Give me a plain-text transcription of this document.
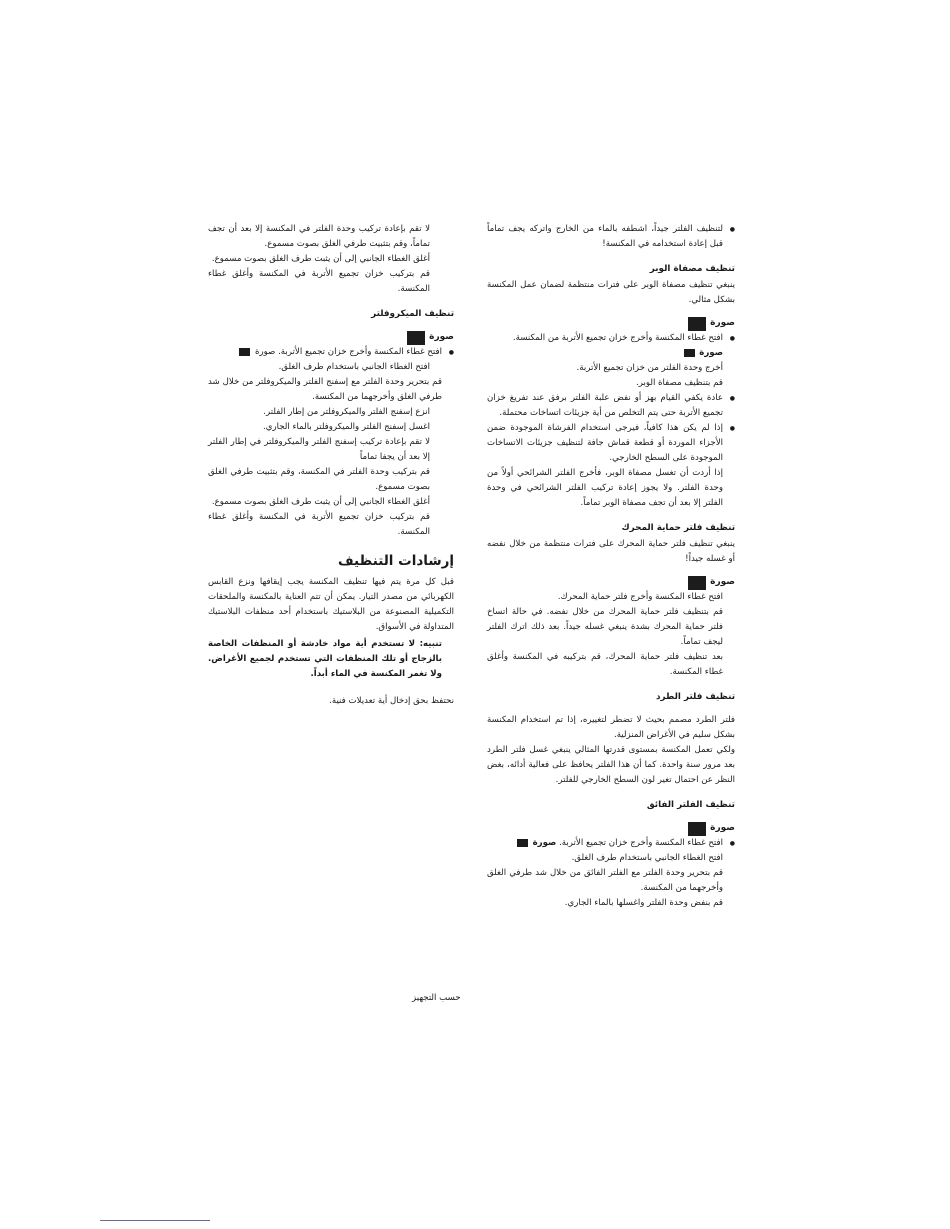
● لتنظيف الفلتر جيداً، اشطفه بالماء من الخارج واتركه يجف تماماً قبل إعادة استخدامه في المكنسة!

تنظيف مصفاة الوبر

ينبغي تنظيف مصفاة الوبر على فترات منتظمة لضمان عمل المكنسة بشكل مثالي.

صورة

● افتح غطاء المكنسة وأخرج خزان تجميع الأتربة من المكنسة.
صورة

أخرج وحدة الفلتر من خزان تجميع الأتربة.

قم بتنظيف مصفاة الوبر.

● عادة يكفي القيام بهز أو نفض علبة الفلتر برفق عند تفريغ خزان تجميع الأتربة حتى يتم التخلص من أية جزيئات اتساخات محتملة.

● إذا لم يكن هذا كافياً، فيرجى استخدام الفرشاة الموجودة ضمن الأجزاء الموردة أو قطعة قماش جافة لتنظيف جزيئات الاتساخات الموجودة على السطح الخارجي.

إذا أردت أن تغسل مصفاة الوبر، فأخرج الفلتر الشرائحي أولاً من وحدة الفلتر. ولا يجوز إعادة تركيب الفلتر الشرائحي في وحدة الفلتر إلا بعد أن تجف مصفاة الوبر تماماً.

تنظيف فلتر حماية المحرك

ينبغي تنظيف فلتر حماية المحرك على فترات منتظمة من خلال نفضه أو غسله جيداً!

صورة

افتح غطاء المكنسة وأخرج فلتر حماية المحرك.

قم بتنظيف فلتر حماية المحرك من خلال نفضه. في حالة اتساخ فلتر حماية المحرك بشدة ينبغي غسله جيداً. بعد ذلك اترك الفلتر ليجف تماماً.

بعد تنظيف فلتر حماية المحرك، قم بتركيبه في المكنسة وأغلق غطاء المكنسة.

تنظيف فلتر الطرد

فلتر الطرد مصمم بحيث لا تضطر لتغييره، إذا تم استخدام المكنسة بشكل سليم في الأغراض المنزلية.

ولكي تعمل المكنسة بمستوى قدرتها المثالي ينبغي غسل فلتر الطرد بعد مرور سنة واحدة. كما أن هذا الفلتر يحافظ على فعالية أدائه، بغض النظر عن احتمال تغير لون السطح الخارجي للفلتر.

تنظيف الفلتر الفائق
صورة

● افتح غطاء المكنسة وأخرج خزان تجميع الأتربة. صورة

افتح الغطاء الجانبي باستخدام طرف الغلق.

قم بتحرير وحدة الفلتر مع الفلتر الفائق من خلال شد طرفي الغلق وأخرجهما من المكنسة.

قم بنفض وحدة الفلتر واغسلها بالماء الجاري.

لا تقم بإعادة تركيب وحدة الفلتر في المكنسة إلا بعد أن تجف تماماً، وقم بتثبيت طرفي الغلق بصوت مسموع.

أغلق الغطاء الجانبي إلى أن يثبت طرف الغلق بصوت مسموع.

قم بتركيب خزان تجميع الأتربة في المكنسة وأغلق غطاء المكنسة.

تنظيف الميكروفلتر
صورة

● افتح غطاء المكنسة وأخرج خزان تجميع الأتربة. صورة

افتح الغطاء الجانبي باستخدام طرف الغلق.

قم بتحرير وحدة الفلتر مع إسفنج الفلتر والميكروفلتر من خلال شد طرفي الغلق وأخرجهما من المكنسة.

انزع إسفنج الفلتر والميكروفلتر من إطار الفلتر.

اغسل إسفنج الفلتر والميكروفلتر بالماء الجاري.

لا تقم بإعادة تركيب إسفنج الفلتر والميكروفلتر في إطار الفلتر إلا بعد أن يجفا تماماً

قم بتركيب وحدة الفلتر في المكنسة، وقم بتثبيت طرفي الغلق بصوت مسموع.

أغلق الغطاء الجانبي إلى أن يثبت طرف الغلق بصوت مسموع.

قم بتركيب خزان تجميع الأتربة في المكنسة وأغلق غطاء المكنسة.

إرشادات التنظيف

قبل كل مرة يتم فيها تنظيف المكنسة يجب إيقافها ونزع القابس الكهربائي من مصدر التيار. يمكن أن تتم العناية بالمكنسة والملحقات التكميلية المصنوعة من البلاستيك باستخدام أحد منظفات البلاستيك المتداولة في الأسواق.

تنبيه: لا تستخدم أية مواد خادشة أو المنظفات الخاصة بالزجاج أو تلك المنظفات التي تستخدم لجميع الأغراض. ولا تغمر المكنسة في الماء أبداً.

نحتفظ بحق إدخال أية تعديلات فنية.

حسب التجهيز
